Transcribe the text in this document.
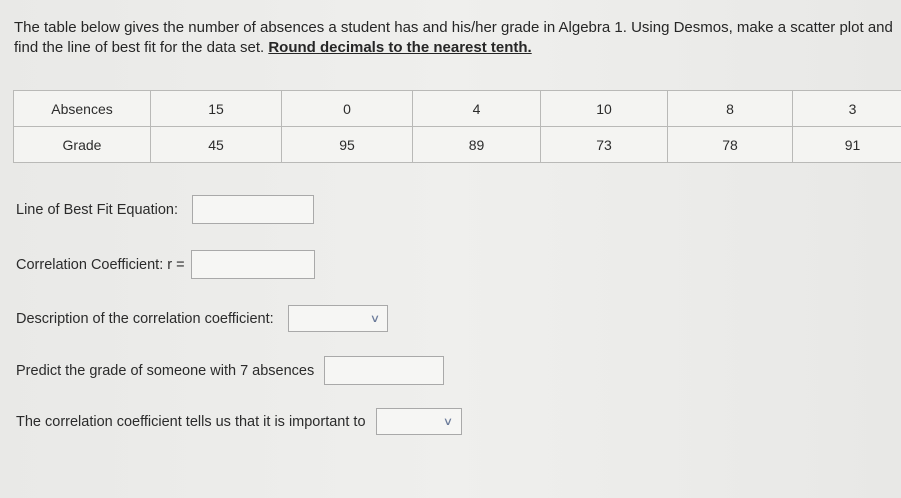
The table below gives the number of absences a student has and his/her grade in Algebra 1. Using Desmos, make a scatter plot and
find the line of best fit for the data set. Round decimals to the nearest tenth.
Absences	15	0	4	10	8	3
Grade	45	95	89	73	78	91
Line of Best Fit Equation:
Correlation Coefficient: r =
Description of the correlation coefficient:	∨
Predict the grade of someone with 7 absences
The correlation coefficient tells us that it is important to	∨
